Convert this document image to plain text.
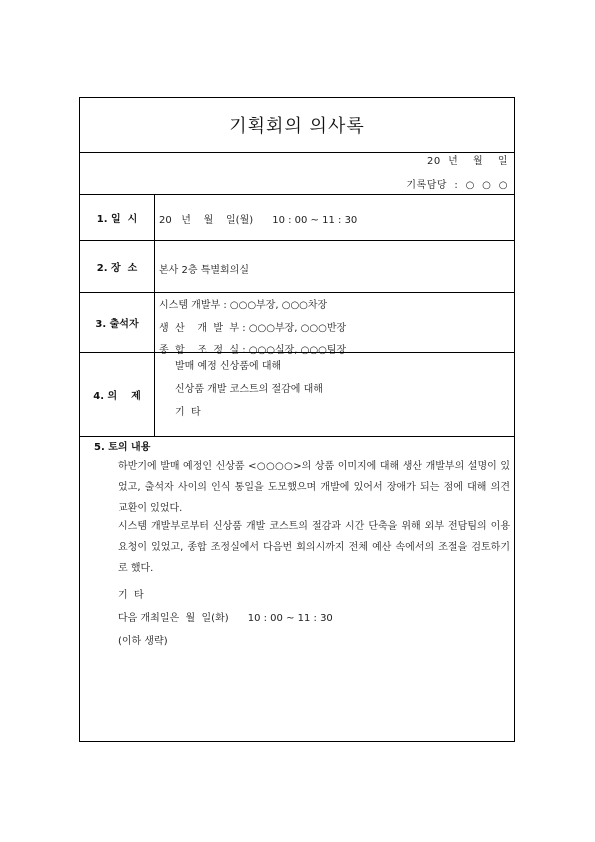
기획회의 의사록
20  년    월    일
기록담당  :  ○  ○  ○
1. 일  시	20   년    월    일(월)      10 : 00 ~ 11 : 30
2. 장  소	본사 2층 특별회의실
3. 출석자
시스템 개발부 : ○○○부장, ○○○차장
생  산    개  발  부 : ○○○부장, ○○○반장
종  합    조  정  실 : ○○○실장, ○○○팀장
4. 의    제
발매 예정 신상품에 대해
신상품 개발 코스트의 절감에 대해
기  타
5. 토의 내용
하반기에 발매 예정인 신상품 <○○○○>의 상품 이미지에 대해 생산 개발부의 설명이 있었고, 출석자 사이의 인식 통일을 도모했으며 개발에 있어서 장애가 되는 점에 대해 의견 교환이 있었다.
시스템 개발부로부터 신상품 개발 코스트의 절감과 시간 단축을 위해 외부 전담팀의 이용 요청이 있었고, 종합 조정실에서 다음번 회의시까지 전체 예산 속에서의 조절을 검토하기로 했다.
기  타
다음 개최일은  월  일(화)      10 : 00 ~ 11 : 30
(이하 생략)
